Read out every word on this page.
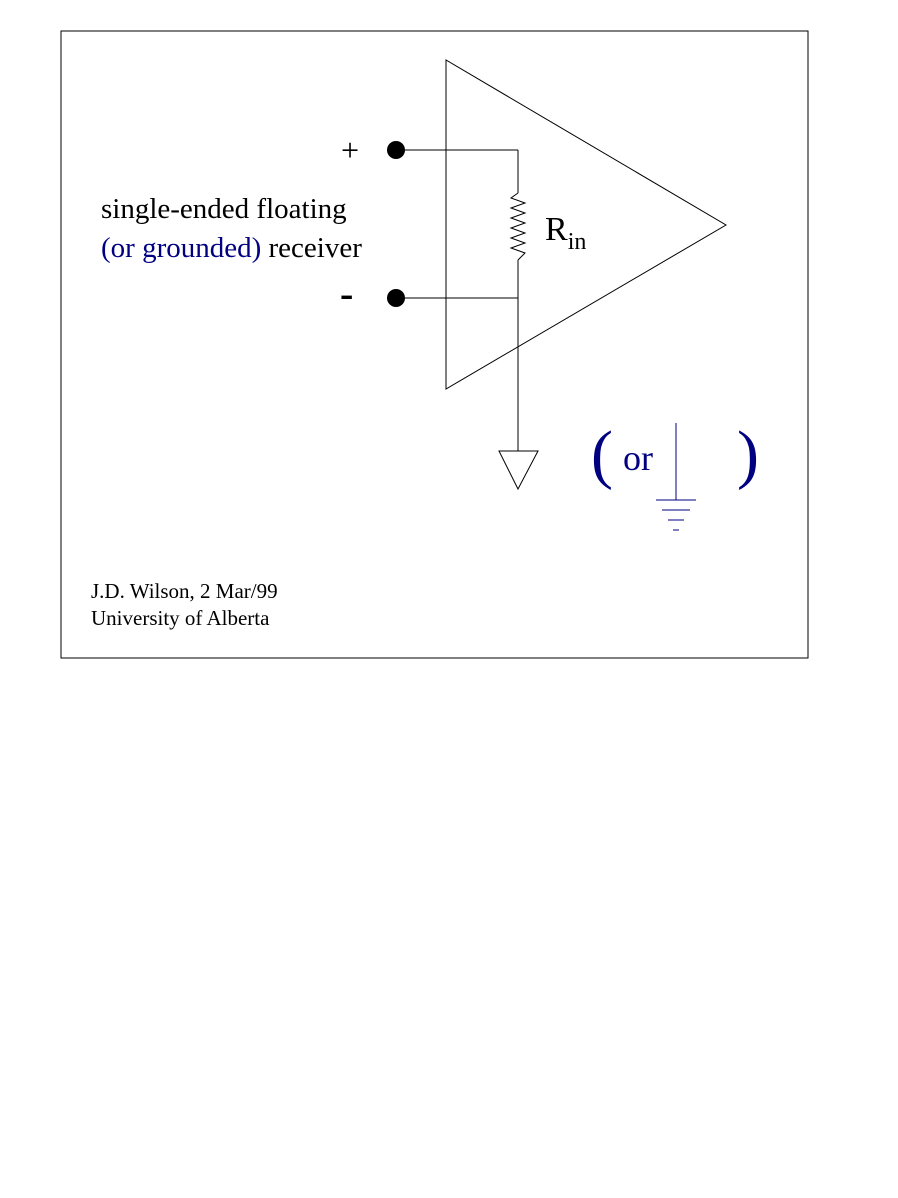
+
$R_{in}$
-
single-ended floating
(or grounded) receiver
( or )
J.D. Wilson, 2 Mar/99
University of Alberta
